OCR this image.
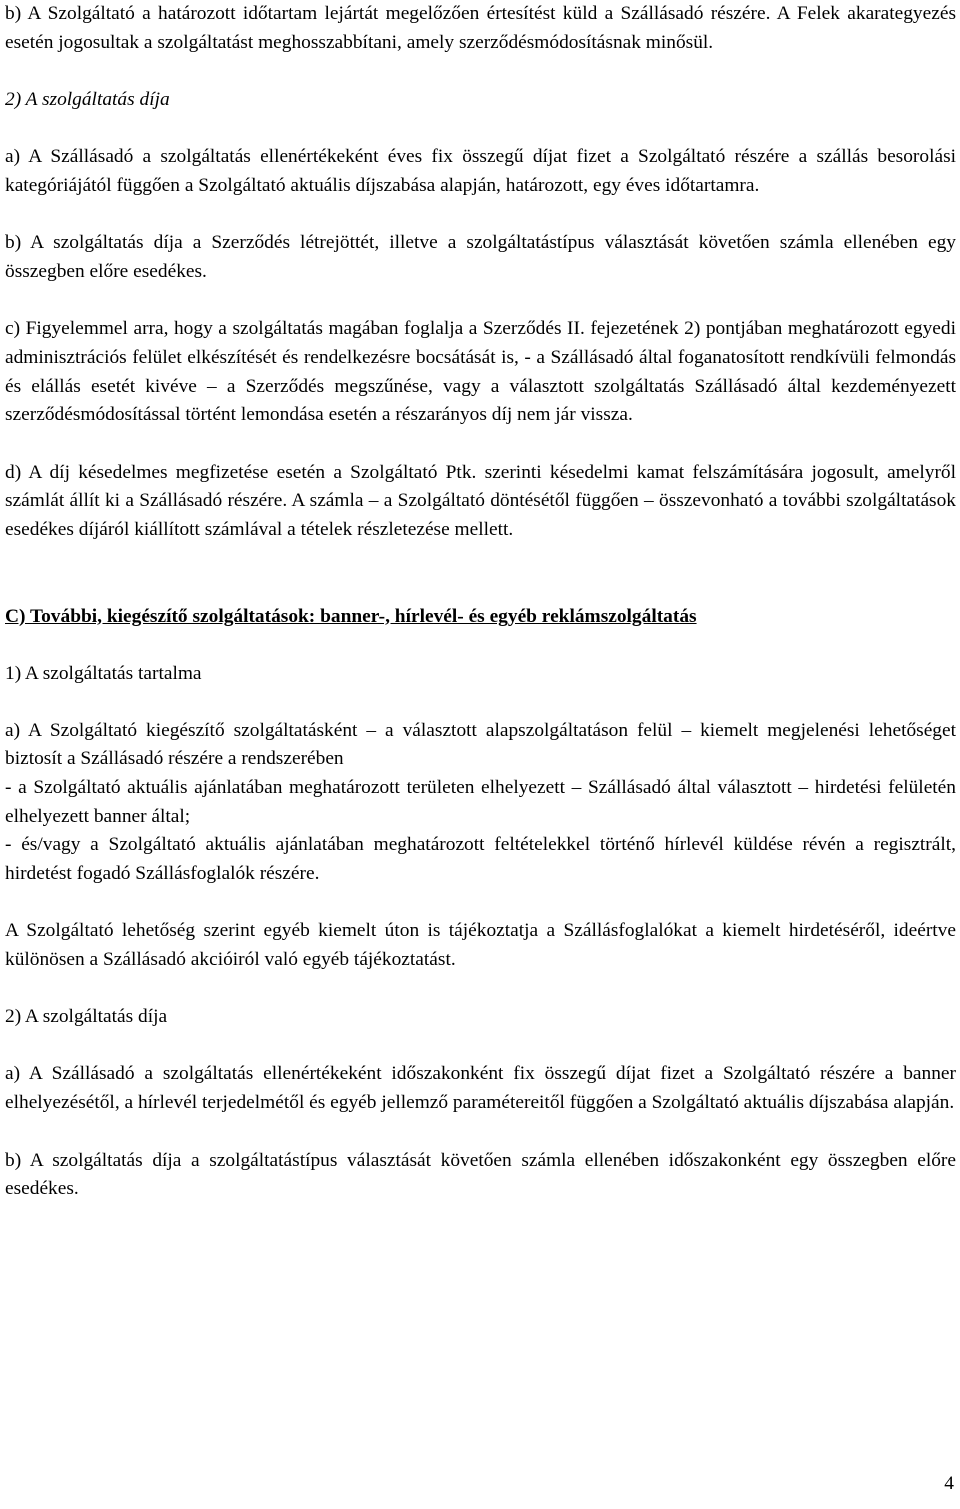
b) A Szolgáltató a határozott időtartam lejártát megelőzően értesítést küld a Szállásadó részére. A Felek akarategyezés esetén jogosultak a szolgáltatást meghosszabbítani, amely szerződésmódosításnak minősül.

2) A szolgáltatás díja

a) A Szállásadó a szolgáltatás ellenértékeként éves fix összegű díjat fizet a Szolgáltató részére a szállás besorolási kategóriájától függően a Szolgáltató aktuális díjszabása alapján, határozott, egy éves időtartamra.

b) A szolgáltatás díja a Szerződés létrejöttét, illetve a szolgáltatástípus választását követően számla ellenében egy összegben előre esedékes.

c) Figyelemmel arra, hogy a szolgáltatás magában foglalja a Szerződés II. fejezetének 2) pontjában meghatározott egyedi adminisztrációs felület elkészítését és rendelkezésre bocsátását is, - a Szállásadó által foganatosított rendkívüli felmondás és elállás esetét kivéve – a Szerződés megszűnése, vagy a választott szolgáltatás Szállásadó által kezdeményezett szerződésmódosítással történt lemondása esetén a részarányos díj nem jár vissza.

d) A díj késedelmes megfizetése esetén a Szolgáltató Ptk. szerinti késedelmi kamat felszámítására jogosult, amelyről számlát állít ki a Szállásadó részére. A számla – a Szolgáltató döntésétől függően – összevonható a további szolgáltatások esedékes díjáról kiállított számlával a tételek részletezése mellett.

C) További, kiegészítő szolgáltatások: banner-, hírlevél- és egyéb reklámszolgáltatás

1) A szolgáltatás tartalma

a) A Szolgáltató kiegészítő szolgáltatásként – a választott alapszolgáltatáson felül – kiemelt megjelenési lehetőséget biztosít a Szállásadó részére a rendszerében

- a Szolgáltató aktuális ajánlatában meghatározott területen elhelyezett – Szállásadó által választott – hirdetési felületén elhelyezett banner által;

- és/vagy a Szolgáltató aktuális ajánlatában meghatározott feltételekkel történő hírlevél küldése révén a regisztrált, hirdetést fogadó Szállásfoglalók részére.

A Szolgáltató lehetőség szerint egyéb kiemelt úton is tájékoztatja a Szállásfoglalókat a kiemelt hirdetéséről, ideértve különösen a Szállásadó akcióiról való egyéb tájékoztatást.

2) A szolgáltatás díja

a) A Szállásadó a szolgáltatás ellenértékeként időszakonként fix összegű díjat fizet a Szolgáltató részére a banner elhelyezésétől, a hírlevél terjedelmétől és egyéb jellemző paramétereitől függően a Szolgáltató aktuális díjszabása alapján.

b) A szolgáltatás díja a szolgáltatástípus választását követően számla ellenében időszakonként egy összegben előre esedékes.

4
